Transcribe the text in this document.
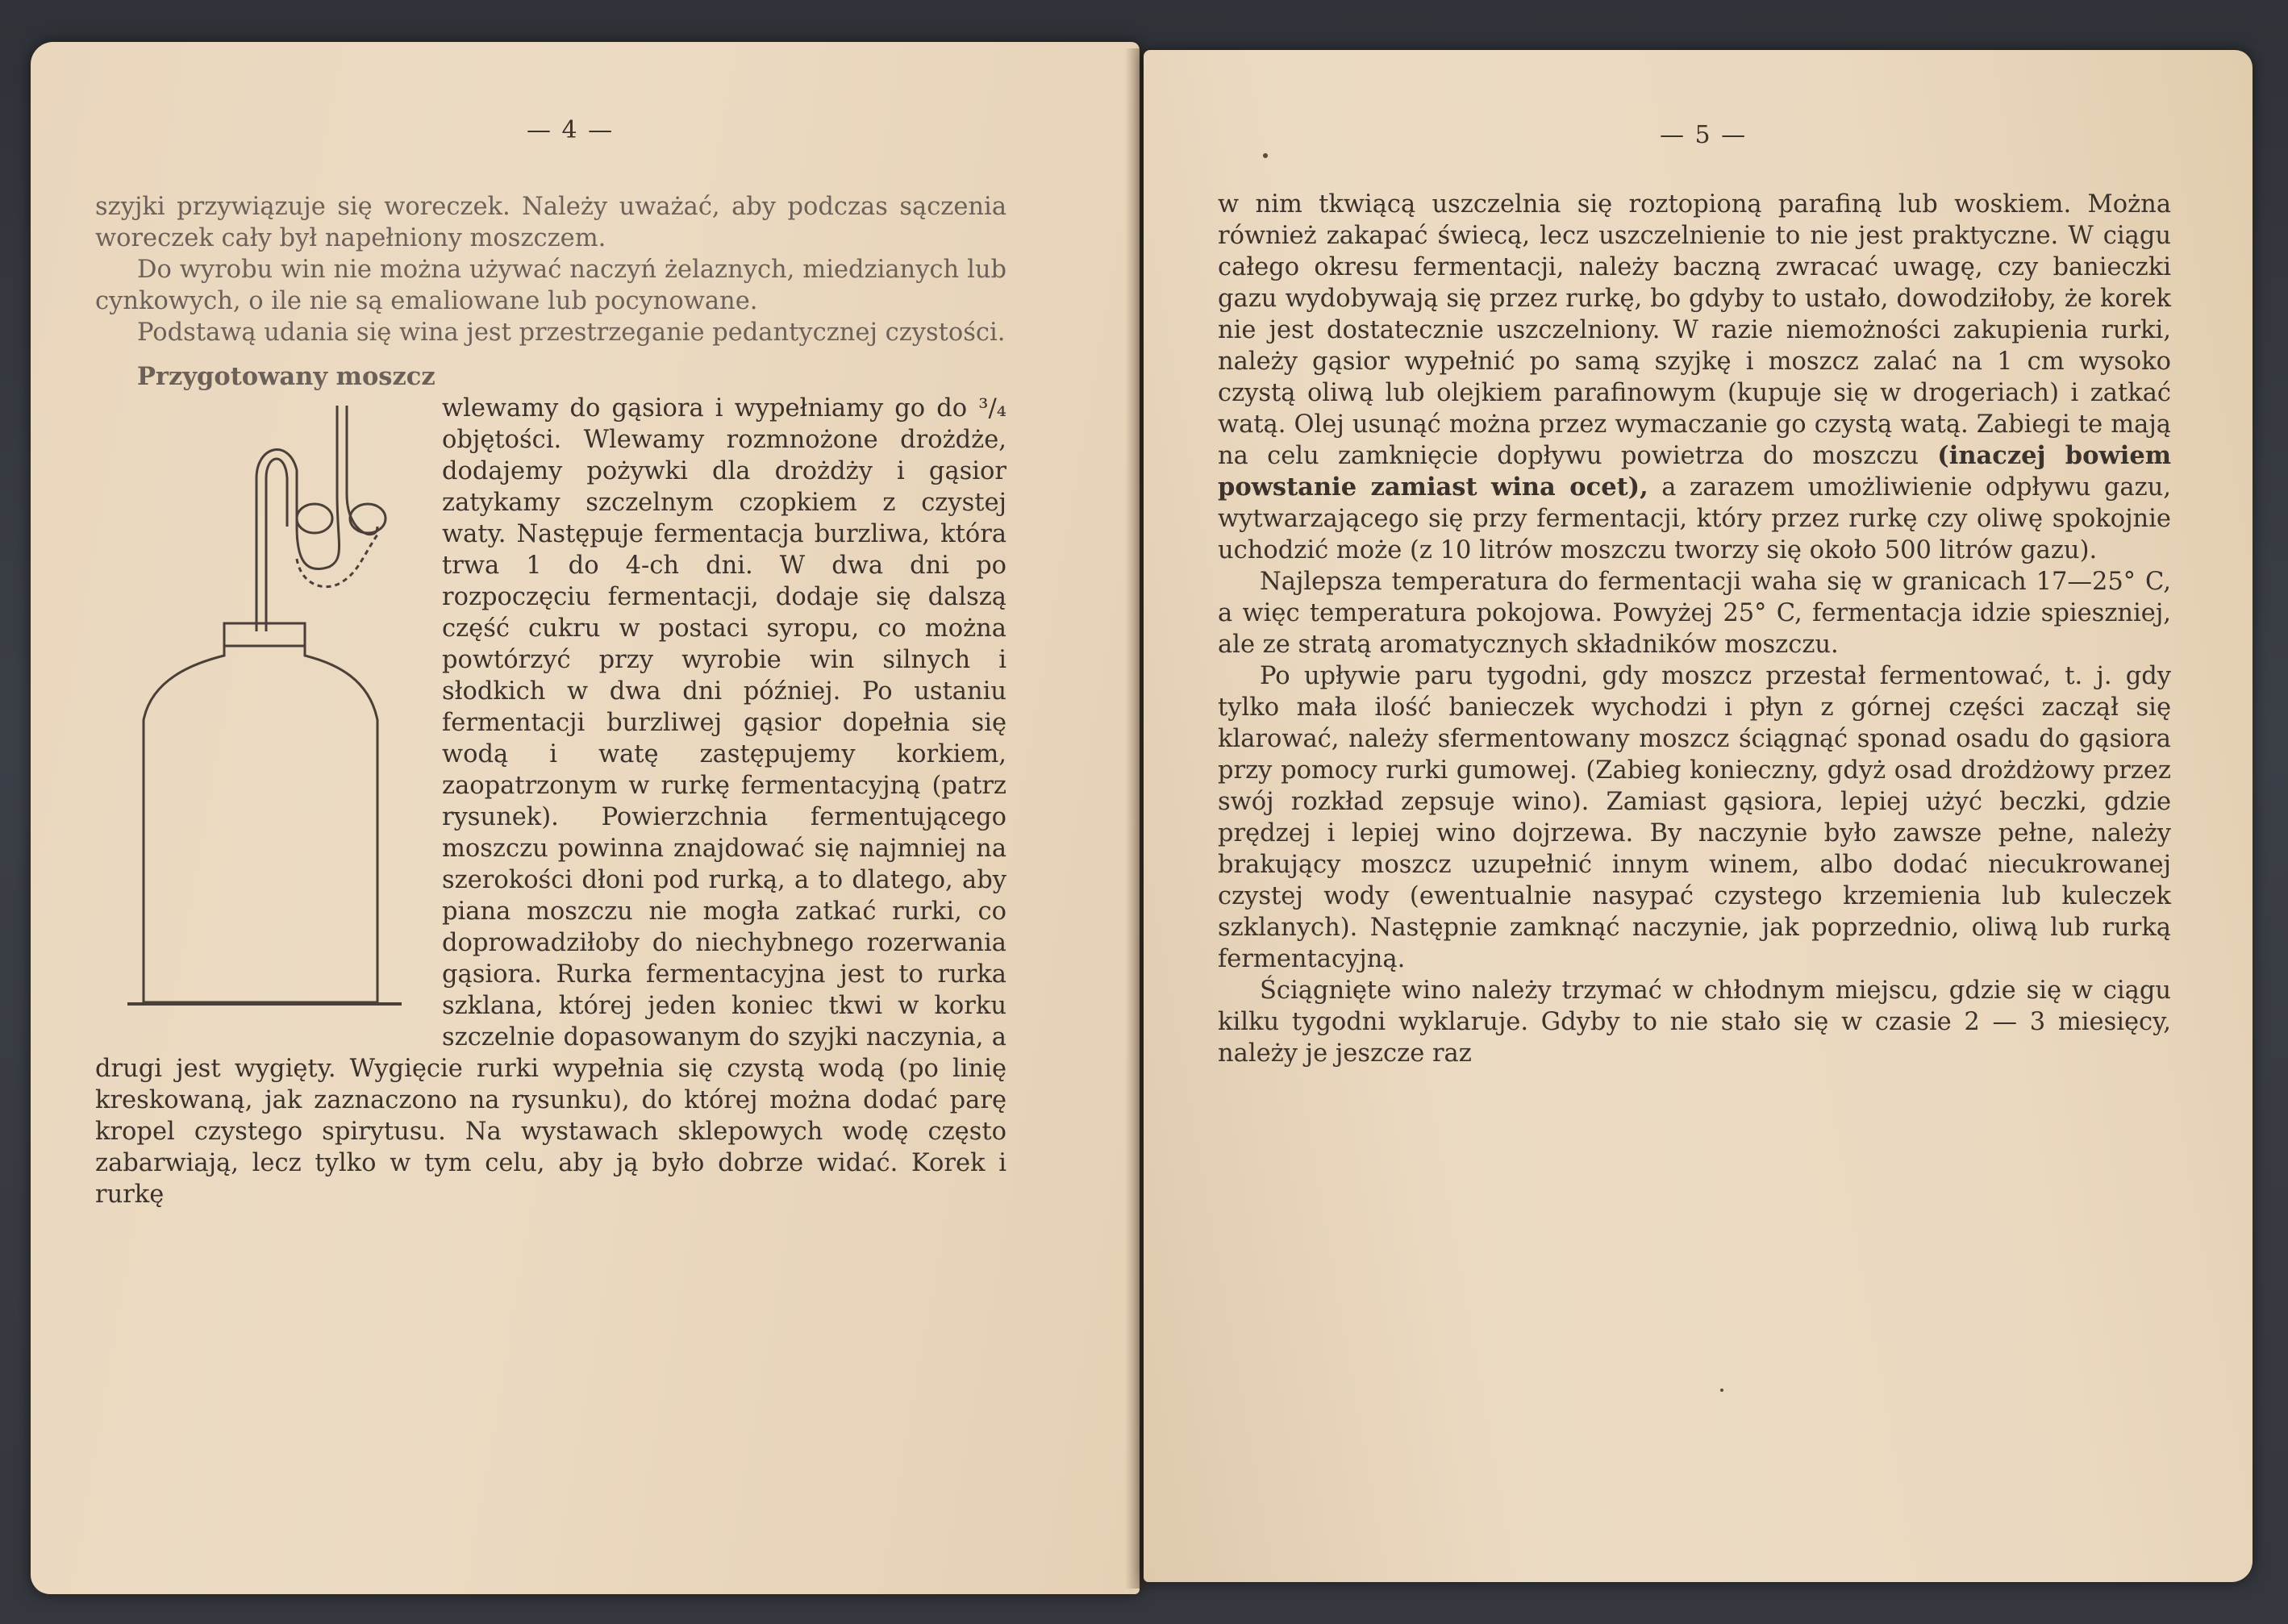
— 4 —

szyjki przywiązuje się woreczek. Należy uważać, aby podczas sączenia woreczek cały był napełniony moszczem.

Do wyrobu win nie można używać naczyń żelaznych, miedzianych lub cynkowych, o ile nie są emaliowane lub pocynowane.

Podstawą udania się wina jest przestrzeganie pedantycznej czystości.

Przygotowany moszcz

wlewamy do gąsiora i wypełniamy go do ³/₄ objętości. Wlewamy rozmnożone drożdże, dodajemy pożywki dla drożdży i gąsior zatykamy szczelnym czopkiem z czystej waty. Następuje fermentacja burzliwa, która trwa 1 do 4-ch dni. W dwa dni po rozpoczęciu fermentacji, dodaje się dalszą część cukru w postaci syropu, co można powtórzyć przy wyrobie win silnych i słodkich w dwa dni później. Po ustaniu fermentacji burzliwej gąsior dopełnia się wodą i watę zastępujemy korkiem, zaopatrzonym w rurkę fermentacyjną (patrz rysunek). Powierzchnia fermentującego moszczu powinna znajdować się najmniej na szerokości dłoni pod rurką, a to dlatego, aby piana moszczu nie mogła zatkać rurki, co doprowadziłoby do niechybnego rozerwania gąsiora. Rurka fermentacyjna jest to rurka szklana, której jeden koniec tkwi w korku szczelnie dopasowanym do szyjki naczynia, a drugi jest wygięty. Wygięcie rurki wypełnia się czystą wodą (po linię kreskowaną, jak zaznaczono na rysunku), do której można dodać parę kropel czystego spirytusu. Na wystawach sklepowych wodę często zabarwiają, lecz tylko w tym celu, aby ją było dobrze widać. Korek i rurkę

— 5 —

w nim tkwiącą uszczelnia się roztopioną parafiną lub woskiem. Można również zakapać świecą, lecz uszczelnienie to nie jest praktyczne. W ciągu całego okresu fermentacji, należy baczną zwracać uwagę, czy banieczki gazu wydobywają się przez rurkę, bo gdyby to ustało, dowodziłoby, że korek nie jest dostatecznie uszczelniony. W razie niemożności zakupienia rurki, należy gąsior wypełnić po samą szyjkę i moszcz zalać na 1 cm wysoko czystą oliwą lub olejkiem parafinowym (kupuje się w drogeriach) i zatkać watą. Olej usunąć można przez wymaczanie go czystą watą. Zabiegi te mają na celu zamknięcie dopływu powietrza do moszczu (inaczej bowiem powstanie zamiast wina ocet), a zarazem umożliwienie odpływu gazu, wytwarzającego się przy fermentacji, który przez rurkę czy oliwę spokojnie uchodzić może (z 10 litrów moszczu tworzy się około 500 litrów gazu).

Najlepsza temperatura do fermentacji waha się w granicach 17—25° C, a więc temperatura pokojowa. Powyżej 25° C, fermentacja idzie spieszniej, ale ze stratą aromatycznych składników moszczu.

Po upływie paru tygodni, gdy moszcz przestał fermentować, t. j. gdy tylko mała ilość banieczek wychodzi i płyn z górnej części zaczął się klarować, należy sfermentowany moszcz ściągnąć sponad osadu do gąsiora przy pomocy rurki gumowej. (Zabieg konieczny, gdyż osad drożdżowy przez swój rozkład zepsuje wino). Zamiast gąsiora, lepiej użyć beczki, gdzie prędzej i lepiej wino dojrzewa. By naczynie było zawsze pełne, należy brakujący moszcz uzupełnić innym winem, albo dodać niecukrowanej czystej wody (ewentualnie nasypać czystego krzemienia lub kuleczek szklanych). Następnie zamknąć naczynie, jak poprzednio, oliwą lub rurką fermentacyjną.

Ściągnięte wino należy trzymać w chłodnym miejscu, gdzie się w ciągu kilku tygodni wyklaruje. Gdyby to nie stało się w czasie 2 — 3 miesięcy, należy je jeszcze raz
